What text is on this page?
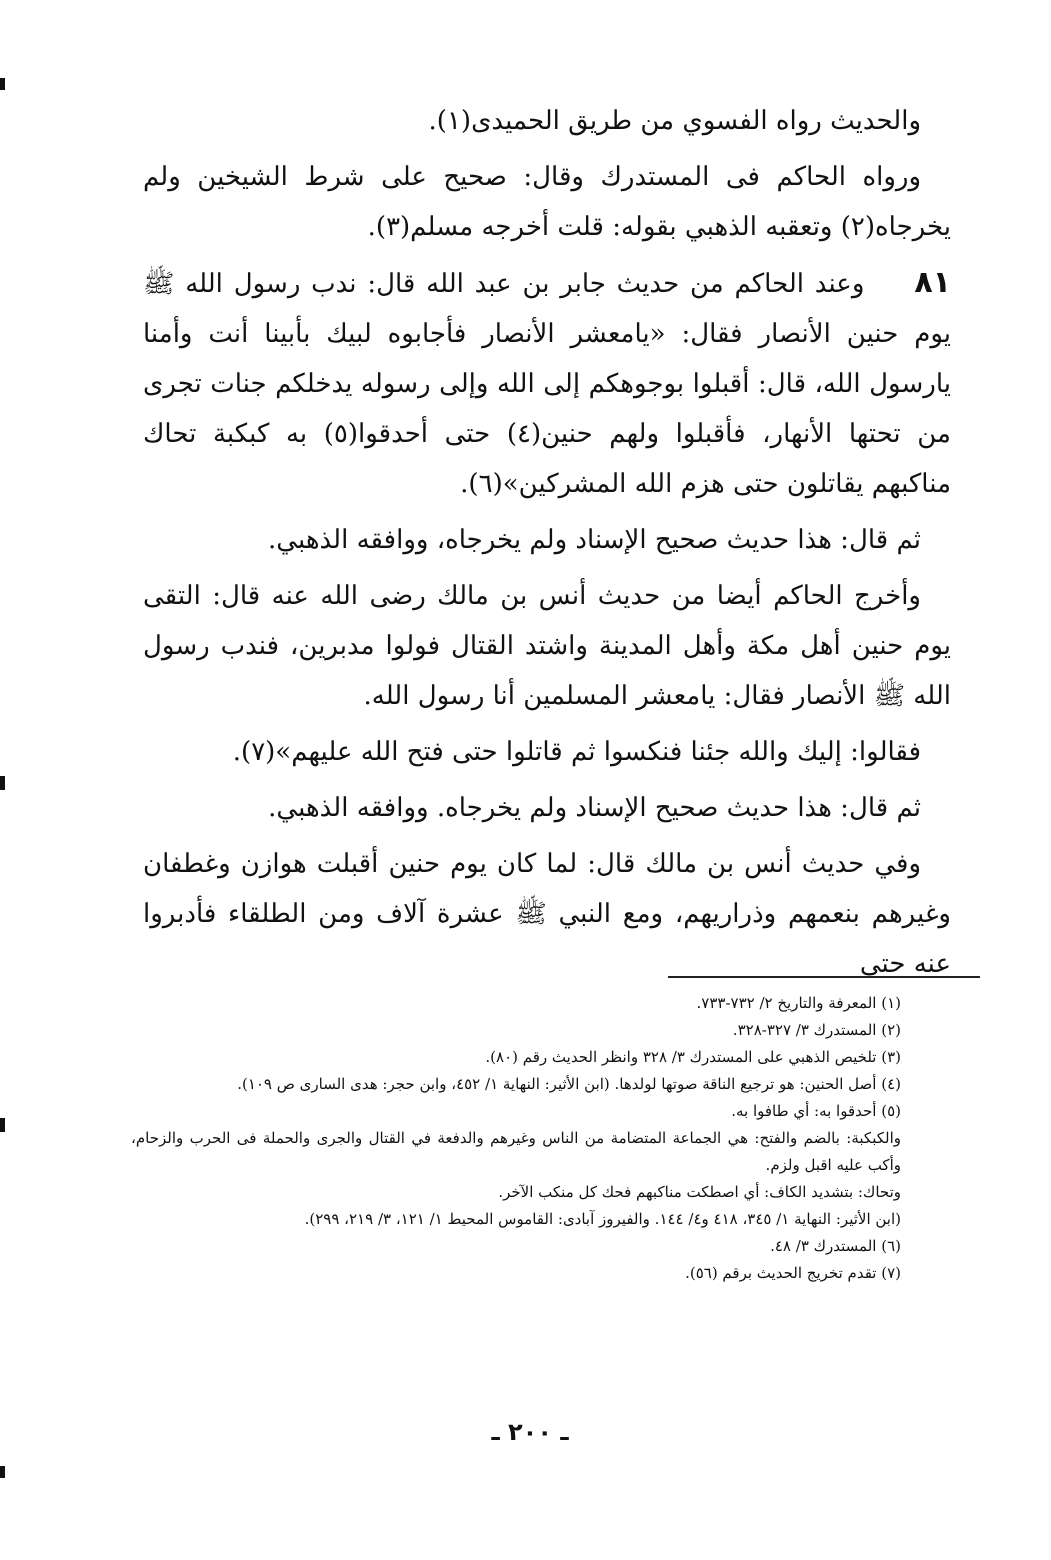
والحديث رواه الفسوي من طريق الحميدى(١).

ورواه الحاكم فى المستدرك وقال: صحيح على شرط الشيخين ولم يخرجاه(٢) وتعقبه الذهبي بقوله: قلت أخرجه مسلم(٣).

٨١وعند الحاكم من حديث جابر بن عبد الله قال: ندب رسول الله ﷺ يوم حنين الأنصار فقال: «يامعشر الأنصار فأجابوه لبيك بأبينا أنت وأمنا يارسول الله، قال: أقبلوا بوجوهكم إلى الله وإلى رسوله يدخلكم جنات تجرى من تحتها الأنهار، فأقبلوا ولهم حنين(٤) حتى أحدقوا(٥) به كبكبة تحاك مناكبهم يقاتلون حتى هزم الله المشركين»(٦).

ثم قال: هذا حديث صحيح الإسناد ولم يخرجاه، ووافقه الذهبي.

وأخرج الحاكم أيضا من حديث أنس بن مالك رضى الله عنه قال: التقى يوم حنين أهل مكة وأهل المدينة واشتد القتال فولوا مدبرين، فندب رسول الله ﷺ الأنصار فقال: يامعشر المسلمين أنا رسول الله.

فقالوا: إليك والله جئنا فنكسوا ثم قاتلوا حتى فتح الله عليهم»(٧).

ثم قال: هذا حديث صحيح الإسناد ولم يخرجاه. ووافقه الذهبي.

وفي حديث أنس بن مالك قال: لما كان يوم حنين أقبلت هوازن وغطفان وغيرهم بنعمهم وذراريهم، ومع النبي ﷺ عشرة آلاف ومن الطلقاء فأدبروا عنه حتى

(١) المعرفة والتاريخ ٢/ ٧٣٢-٧٣٣.

(٢) المستدرك ٣/ ٣٢٧-٣٢٨.

(٣) تلخيص الذهبي على المستدرك ٣/ ٣٢٨ وانظر الحديث رقم (٨٠).

(٤) أصل الحنين: هو ترجيع الناقة صوتها لولدها. (ابن الأثير: النهاية ١/ ٤٥٢، وابن حجر: هدى السارى ص ١٠٩).

(٥) أحدقوا به: أي طافوا به.

والكبكبة: بالضم والفتح: هي الجماعة المتضامة من الناس وغيرهم والدفعة في القتال والجرى والحملة فى الحرب والزحام، وأكب عليه اقبل ولزم.

وتحاك: بتشديد الكاف: أي اصطكت مناكبهم فحك كل منكب الآخر.

(ابن الأثير: النهاية ١/ ٣٤٥، ٤١٨ و٤/ ١٤٤. والفيروز آبادى: القاموس المحيط ١/ ١٢١، ٣/ ٢١٩، ٢٩٩).

(٦) المستدرك ٣/ ٤٨.

(٧) تقدم تخريج الحديث برقم (٥٦).

ـ ٢٠٠ ـ
